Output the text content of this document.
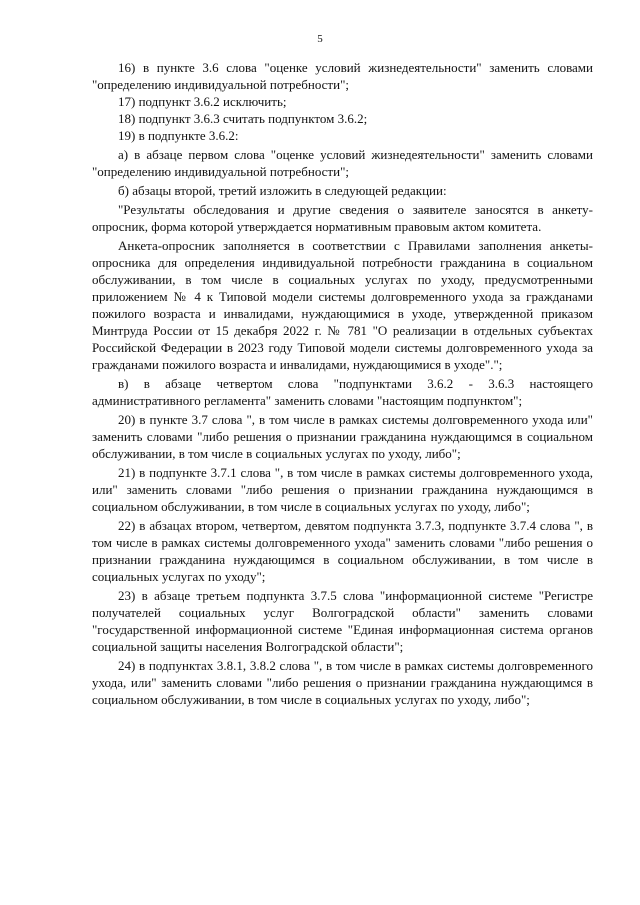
5

16) в пункте 3.6 слова "оценке условий жизнедеятельности" заменить словами "определению индивидуальной потребности";

17) подпункт 3.6.2 исключить;

18) подпункт 3.6.3 считать подпунктом 3.6.2;

19) в подпункте 3.6.2:

а) в абзаце первом слова "оценке условий жизнедеятельности" заменить словами "определению индивидуальной потребности";

б) абзацы второй, третий изложить в следующей редакции:

"Результаты обследования и другие сведения о заявителе заносятся в анкету-опросник, форма которой утверждается нормативным правовым актом комитета.

Анкета-опросник заполняется в соответствии с Правилами заполнения анкеты-опросника для определения индивидуальной потребности гражданина в социальном обслуживании, в том числе в социальных услугах по уходу, предусмотренными приложением № 4 к Типовой модели системы долговременного ухода за гражданами пожилого возраста и инвалидами, нуждающимися в уходе, утвержденной приказом Минтруда России от 15 декабря 2022 г. № 781 "О реализации в отдельных субъектах Российской Федерации в 2023 году Типовой модели системы долговременного ухода за гражданами пожилого возраста и инвалидами, нуждающимися в уходе".";

в) в абзаце четвертом слова "подпунктами 3.6.2 - 3.6.3 настоящего административного регламента" заменить словами "настоящим подпунктом";

20) в пункте 3.7 слова ", в том числе в рамках системы долговременного ухода или" заменить словами "либо решения о признании гражданина нуждающимся в социальном обслуживании, в том числе в социальных услугах по уходу, либо";

21) в подпункте 3.7.1 слова ", в том числе в рамках системы долговременного ухода, или" заменить словами "либо решения о признании гражданина нуждающимся в социальном обслуживании, в том числе в социальных услугах по уходу, либо";

22) в абзацах втором, четвертом, девятом подпункта 3.7.3, подпункте 3.7.4 слова ", в том числе в рамках системы долговременного ухода" заменить словами "либо решения о признании гражданина нуждающимся в социальном обслуживании, в том числе в социальных услугах по уходу";

23) в абзаце третьем подпункта 3.7.5 слова "информационной системе "Регистре получателей социальных услуг Волгоградской области" заменить словами "государственной информационной системе "Единая информационная система органов социальной защиты населения Волгоградской области";

24) в подпунктах 3.8.1, 3.8.2 слова ", в том числе в рамках системы долговременного ухода, или" заменить словами "либо решения о признании гражданина нуждающимся в социальном обслуживании, в том числе в социальных услугах по уходу, либо";
